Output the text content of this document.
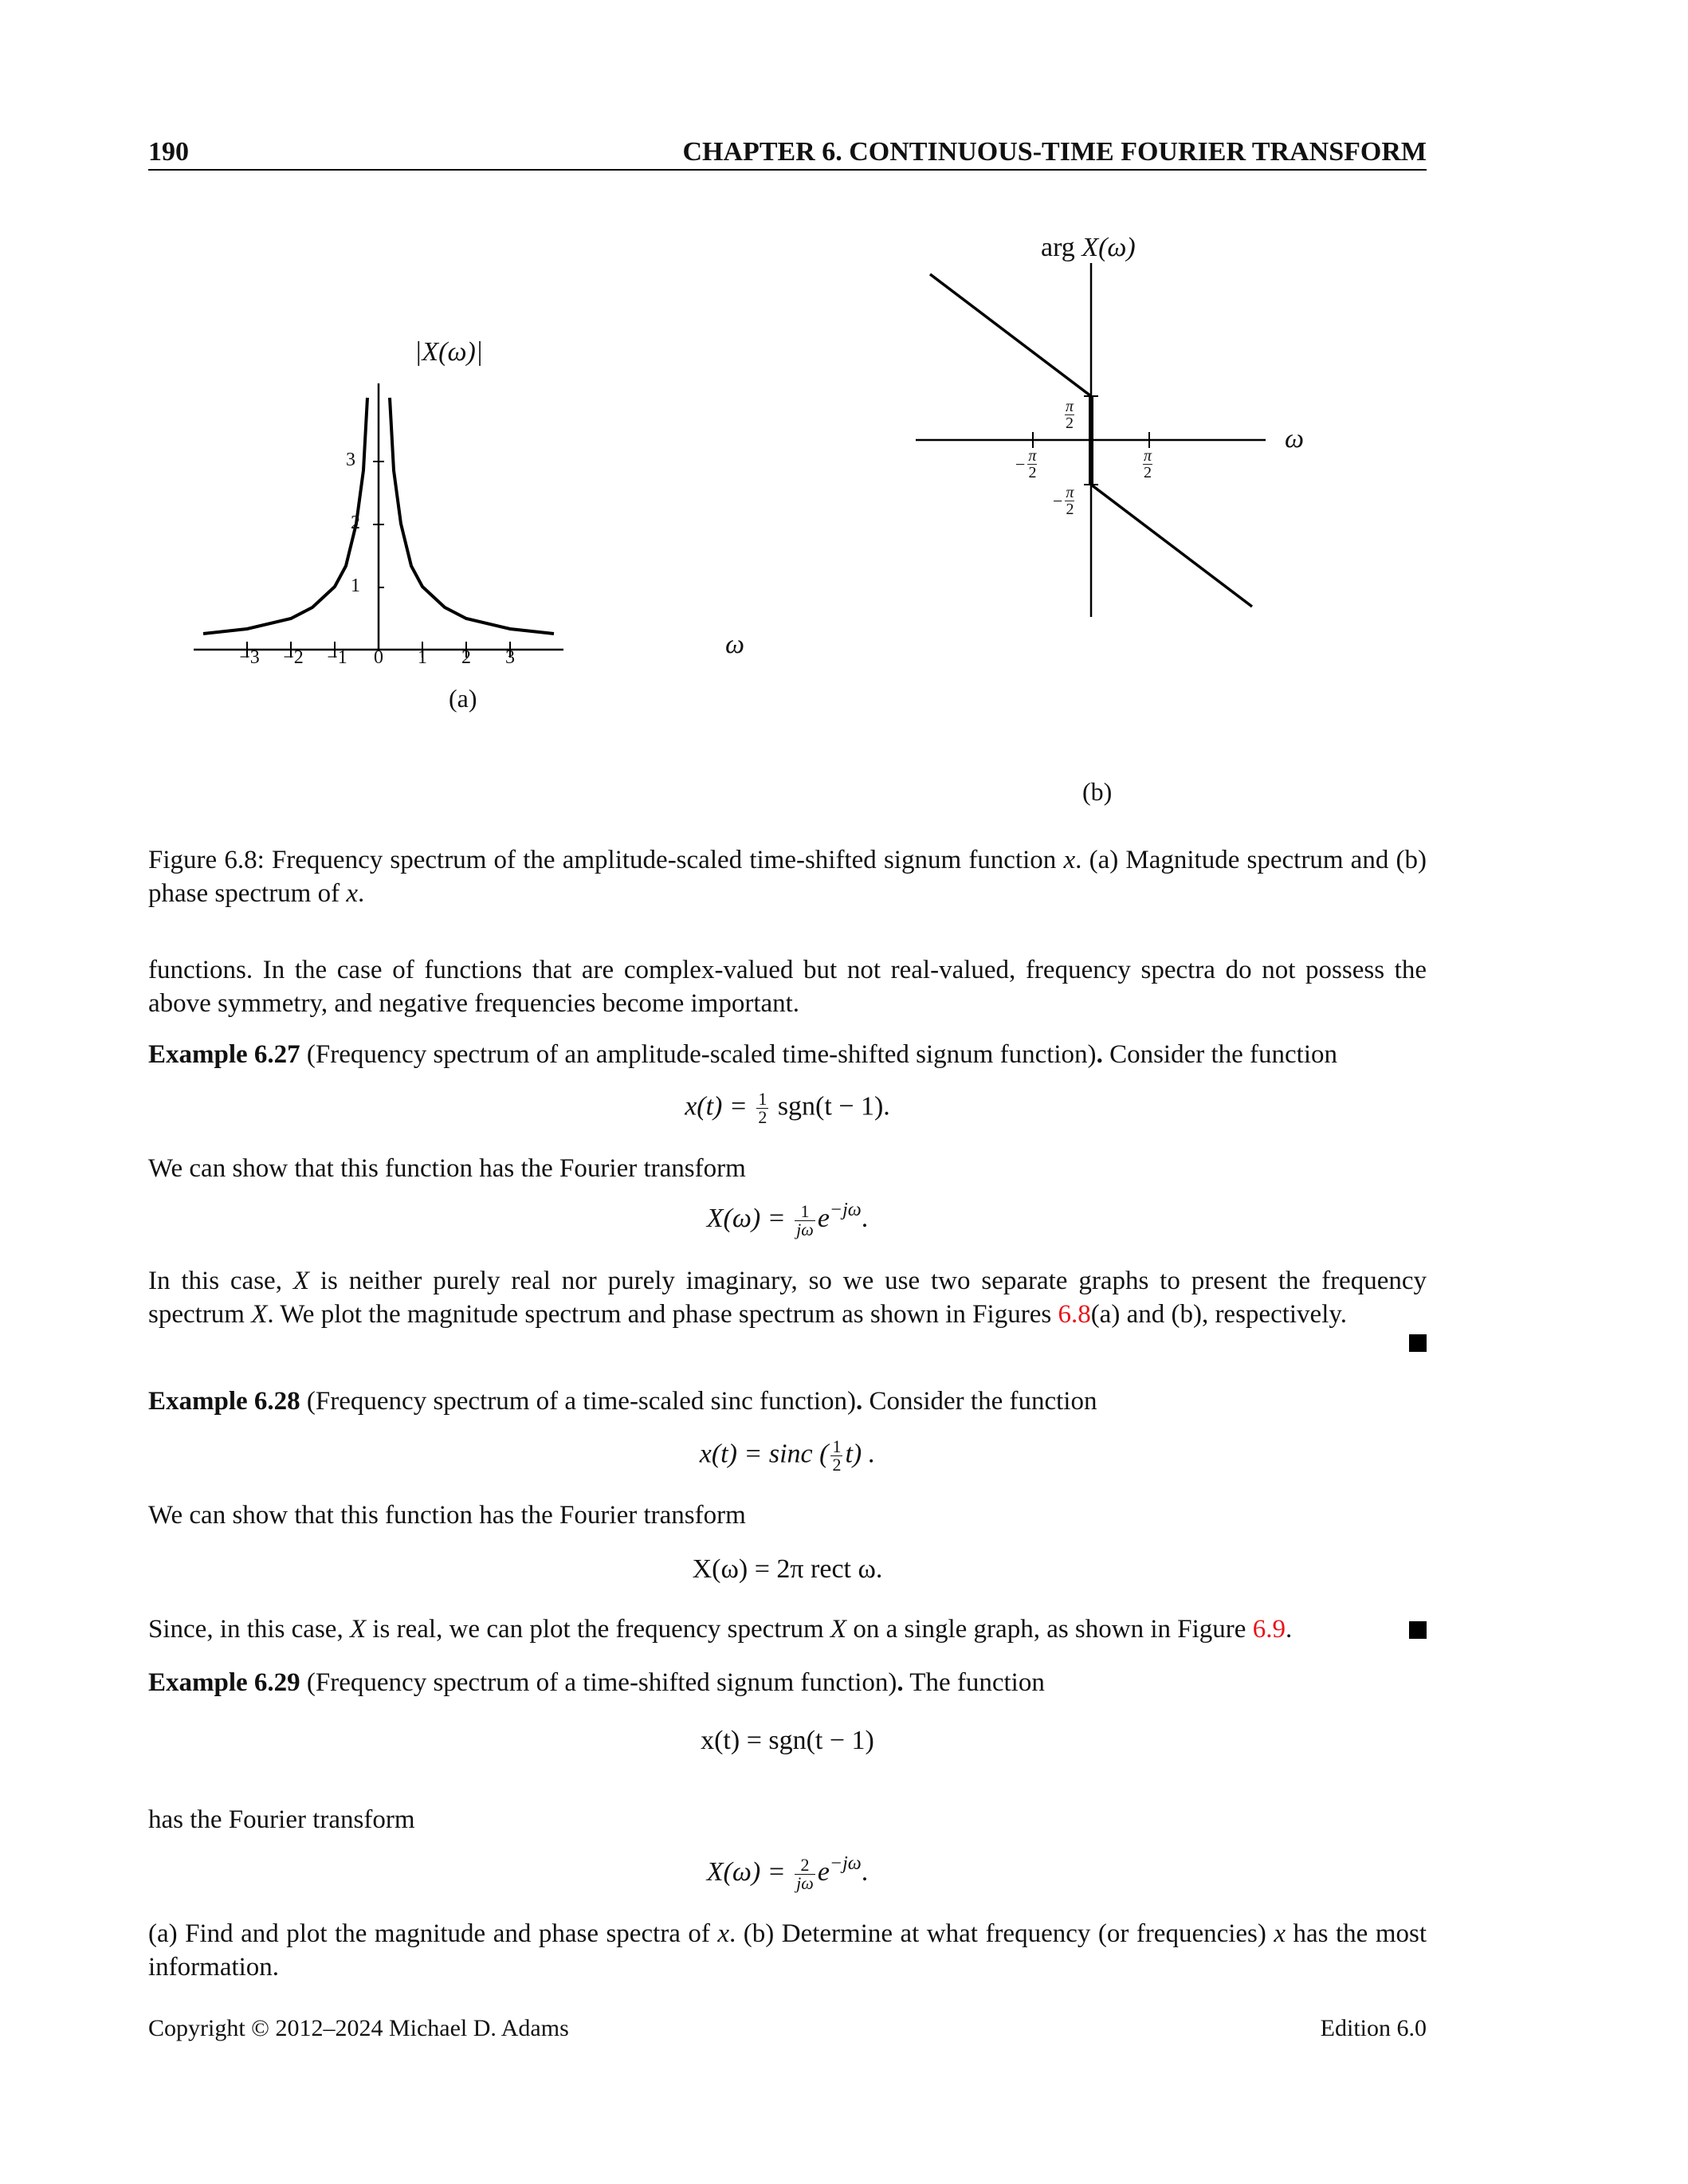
190	CHAPTER 6. CONTINUOUS-TIME FOURIER TRANSFORM
|X(ω)|
ω
−3 −2 −1 0 1 2 3
1
2
3
(a)
arg X(ω)
ω
− $\frac{\pi}{2}$	$\frac{\pi}{2}$
$\frac{\pi}{2}$
− $\frac{\pi}{2}$
(b)
Figure 6.8: Frequency spectrum of the amplitude-scaled time-shifted signum function x. (a) Magnitude spectrum and (b) phase spectrum of x.
functions. In the case of functions that are complex-valued but not real-valued, frequency spectra do not possess the above symmetry, and negative frequencies become important.
Example 6.27 (Frequency spectrum of an amplitude-scaled time-shifted signum function). Consider the function
$x(t) = \frac{1}{2} sgn(t - 1)$.
We can show that this function has the Fourier transform
$X(\omega) = \frac{1}{j\omega} e^{-j\omega}$.
In this case, X is neither purely real nor purely imaginary, so we use two separate graphs to present the frequency spectrum X. We plot the magnitude spectrum and phase spectrum as shown in Figures 6.8(a) and (b), respectively.
Example 6.28 (Frequency spectrum of a time-scaled sinc function). Consider the function
x(t) = sinc ( $\frac{1}{2} t$) .
We can show that this function has the Fourier transform
X(ω) = 2π rect ω.
Since, in this case, X is real, we can plot the frequency spectrum X on a single graph, as shown in Figure 6.9.
Example 6.29 (Frequency spectrum of a time-shifted signum function). The function
x(t) = sgn(t − 1)
has the Fourier transform
$X(\omega) = \frac{2}{j\omega} e^{-j\omega}$.
(a) Find and plot the magnitude and phase spectra of x. (b) Determine at what frequency (or frequencies) x has the most information.
Copyright © 2012–2024 Michael D. Adams	Edition 6.0
